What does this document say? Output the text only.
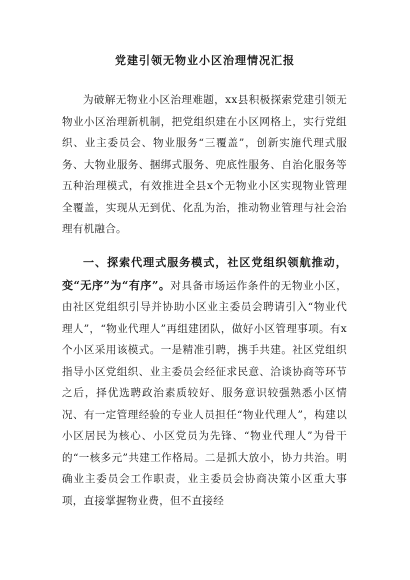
党建引领无物业小区治理情况汇报

为破解无物业小区治理难题，xx县积极探索党建引领无物业小区治理新机制，把党组织建在小区网格上，实行党组织、业主委员会、物业服务“三覆盖”，创新实施代理式服务、大物业服务、捆绑式服务、兜底性服务、自治化服务等五种治理模式，有效推进全县x个无物业小区实现物业管理全覆盖，实现从无到优、化乱为治，推动物业管理与社会治理有机融合。

一、探索代理式服务模式，社区党组织领航推动，变“无序”为“有序”。对具备市场运作条件的无物业小区，由社区党组织引导并协助小区业主委员会聘请引入“物业代理人”，“物业代理人”再组建团队，做好小区管理事项。有x个小区采用该模式。一是精准引聘，携手共建。社区党组织指导小区党组织、业主委员会经征求民意、洽谈协商等环节之后，择优选聘政治素质较好、服务意识较强熟悉小区情况、有一定管理经验的专业人员担任“物业代理人”，构建以小区居民为核心、小区党员为先锋、“物业代理人”为骨干的“一核多元”共建工作格局。二是抓大放小，协力共治。明确业主委员会工作职责，业主委员会协商决策小区重大事项，直接掌握物业费，但不直接经
